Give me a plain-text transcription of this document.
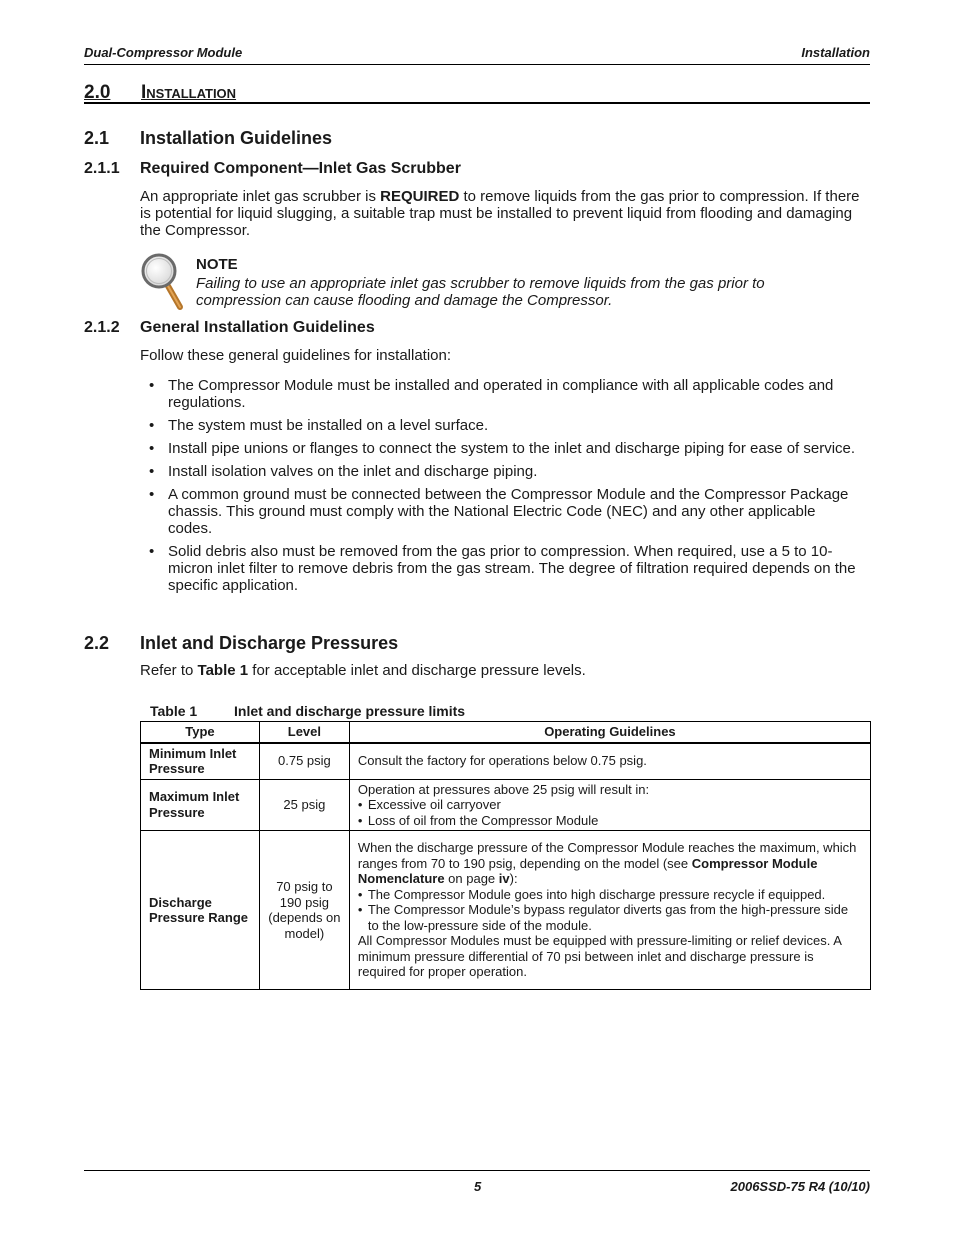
Dual-Compressor Module	Installation
2.0 Installation
2.1 Installation Guidelines
2.1.1 Required Component—Inlet Gas Scrubber

An appropriate inlet gas scrubber is REQUIRED to remove liquids from the gas prior to compression. If there is potential for liquid slugging, a suitable trap must be installed to prevent liquid from flooding and damaging the Compressor.

NOTE
Failing to use an appropriate inlet gas scrubber to remove liquids from the gas prior to compression can cause flooding and damage the Compressor.
2.1.2 General Installation Guidelines
Follow these general guidelines for installation:
• The Compressor Module must be installed and operated in compliance with all applicable codes and regulations.
• The system must be installed on a level surface.
• Install pipe unions or flanges to connect the system to the inlet and discharge piping for ease of service.
• Install isolation valves on the inlet and discharge piping.
• A common ground must be connected between the Compressor Module and the Compressor Package chassis. This ground must comply with the National Electric Code (NEC) and any other applicable codes.
• Solid debris also must be removed from the gas prior to compression. When required, use a 5 to 10-micron inlet filter to remove debris from the gas stream. The degree of filtration required depends on the specific application.
2.2 Inlet and Discharge Pressures

Refer to Table 1 for acceptable inlet and discharge pressure levels.

Table 1	Inlet and discharge pressure limits
Type	Level	Operating Guidelines
Minimum Inlet Pressure	0.75 psig	Consult the factory for operations below 0.75 psig.
Maximum Inlet Pressure	25 psig	Operation at pressures above 25 psig will result in:
• Excessive oil carryover
• Loss of oil from the Compressor Module

Discharge Pressure Range	70 psig to 190 psig (depends on model)	When the discharge pressure of the Compressor Module reaches the maximum, which ranges from 70 to 190 psig, depending on the model (see Compressor Module Nomenclature on page iv):
• The Compressor Module goes into high discharge pressure recycle if equipped.
• The Compressor Module’s bypass regulator diverts gas from the high-pressure side to the low-pressure side of the module.
All Compressor Modules must be equipped with pressure-limiting or relief devices. A minimum pressure differential of 70 psi between inlet and discharge pressure is required for proper operation.
5	2006SSD-75 R4 (10/10)
